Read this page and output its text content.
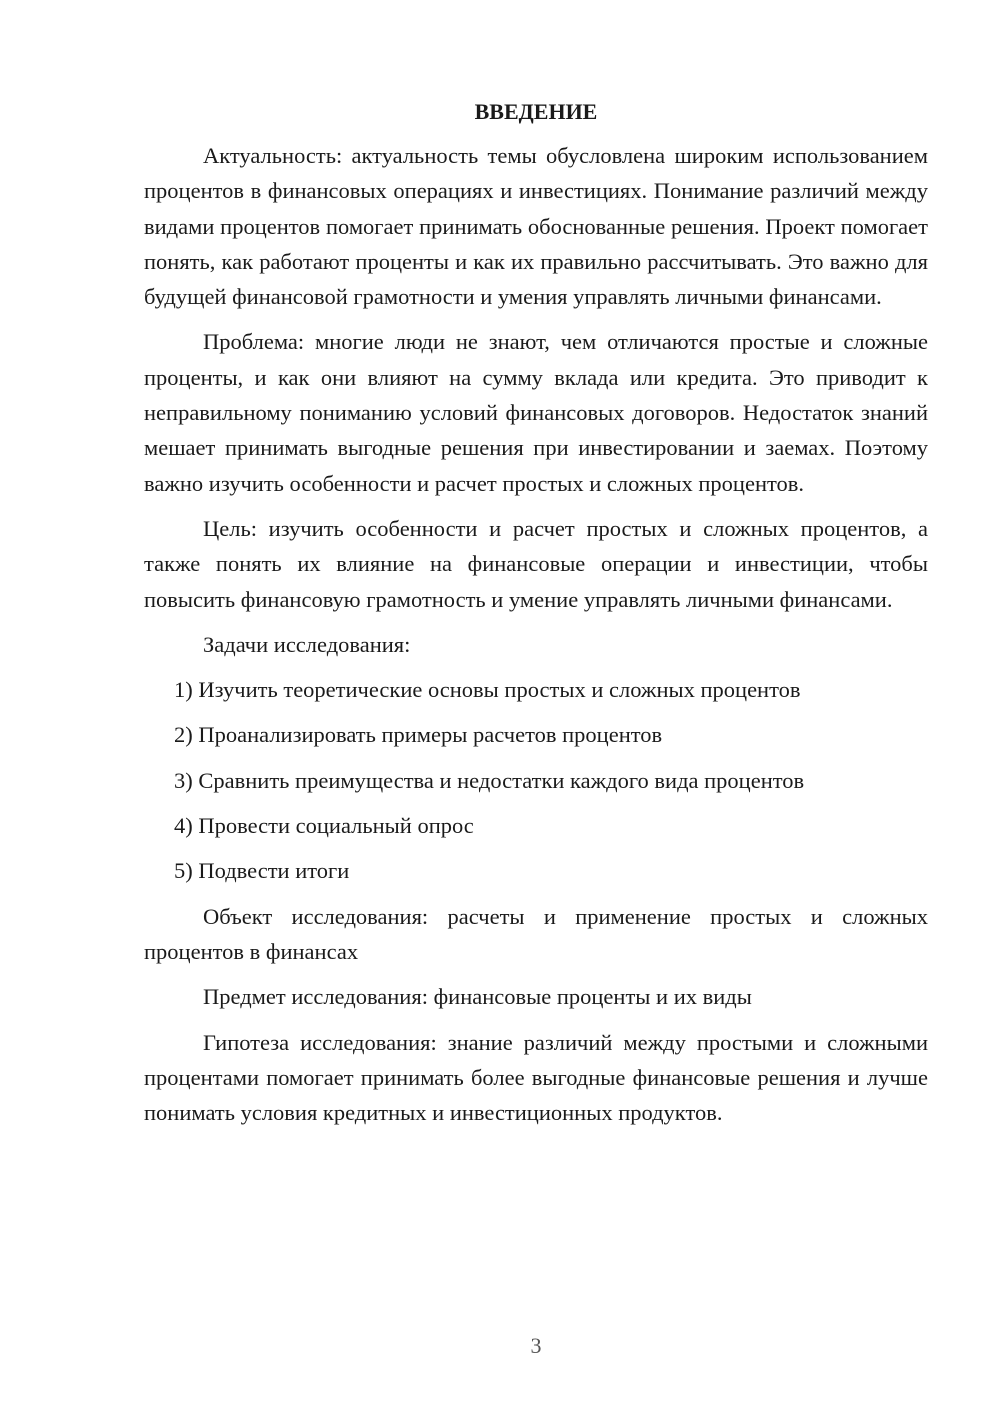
ВВЕДЕНИЕ

Актуальность: актуальность темы обусловлена широким использованием процентов в финансовых операциях и инвестициях. Понимание различий между видами процентов помогает принимать обоснованные решения. Проект помогает понять, как работают проценты и как их правильно рассчитывать. Это важно для будущей финансовой грамотности и умения управлять личными финансами.

Проблема: многие люди не знают, чем отличаются простые и сложные проценты, и как они влияют на сумму вклада или кредита. Это приводит к неправильному пониманию условий финансовых договоров. Недостаток знаний мешает принимать выгодные решения при инвестировании и заемах. Поэтому важно изучить особенности и расчет простых и сложных процентов.

Цель: изучить особенности и расчет простых и сложных процентов, а также понять их влияние на финансовые операции и инвестиции, чтобы повысить финансовую грамотность и умение управлять личными финансами.

Задачи исследования:

1) Изучить теоретические основы простых и сложных процентов

2) Проанализировать примеры расчетов процентов

3) Сравнить преимущества и недостатки каждого вида процентов

4) Провести социальный опрос

5) Подвести итоги

Объект исследования: расчеты и применение простых и сложных процентов в финансах

Предмет исследования: финансовые проценты и их виды

Гипотеза исследования: знание различий между простыми и сложными процентами помогает принимать более выгодные финансовые решения и лучше понимать условия кредитных и инвестиционных продуктов.

3
